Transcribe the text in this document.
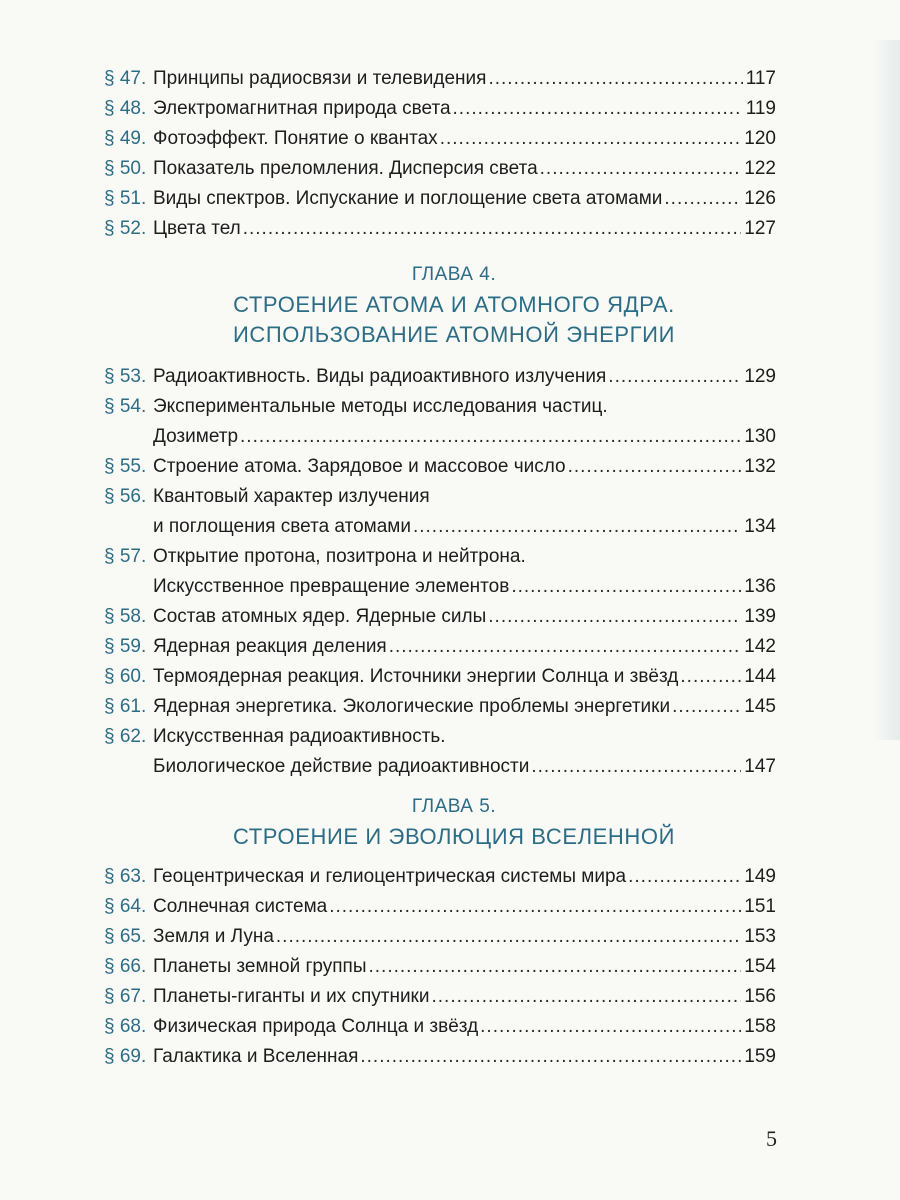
§ 47. Принципы радиосвязи и телевидения .....	117
§ 48. Электромагнитная природа света .....	119
§ 49. Фотоэффект. Понятие о квантах .....	120
§ 50. Показатель преломления. Дисперсия света .....	122
§ 51. Виды спектров. Испускание и поглощение света атомами .....	126
§ 52. Цвета тел .....	127
ГЛАВА 4.
СТРОЕНИЕ АТОМА И АТОМНОГО ЯДРА.
ИСПОЛЬЗОВАНИЕ АТОМНОЙ ЭНЕРГИИ
§ 53. Радиоактивность. Виды радиоактивного излучения .....	129
§ 54. Экспериментальные методы исследования частиц.
Дозиметр .....	130
§ 55. Строение атома. Зарядовое и массовое число .....	132
§ 56. Квантовый характер излучения
и поглощения света атомами .....	134
§ 57. Открытие протона, позитрона и нейтрона.
Искусственное превращение элементов .....	136
§ 58. Состав атомных ядер. Ядерные силы .....	139
§ 59. Ядерная реакция деления .....	142
§ 60. Термоядерная реакция. Источники энергии Солнца и звёзд .....	144
§ 61. Ядерная энергетика. Экологические проблемы энергетики .....	145
§ 62. Искусственная радиоактивность.
Биологическое действие радиоактивности .....	147
ГЛАВА 5.
СТРОЕНИЕ И ЭВОЛЮЦИЯ ВСЕЛЕННОЙ
§ 63. Геоцентрическая и гелиоцентрическая системы мира .....	149
§ 64. Солнечная система .....	151
§ 65. Земля и Луна .....	153
§ 66. Планеты земной группы .....	154
§ 67. Планеты-гиганты и их спутники .....	156
§ 68. Физическая природа Солнца и звёзд .....	158
§ 69. Галактика и Вселенная .....	159
5
